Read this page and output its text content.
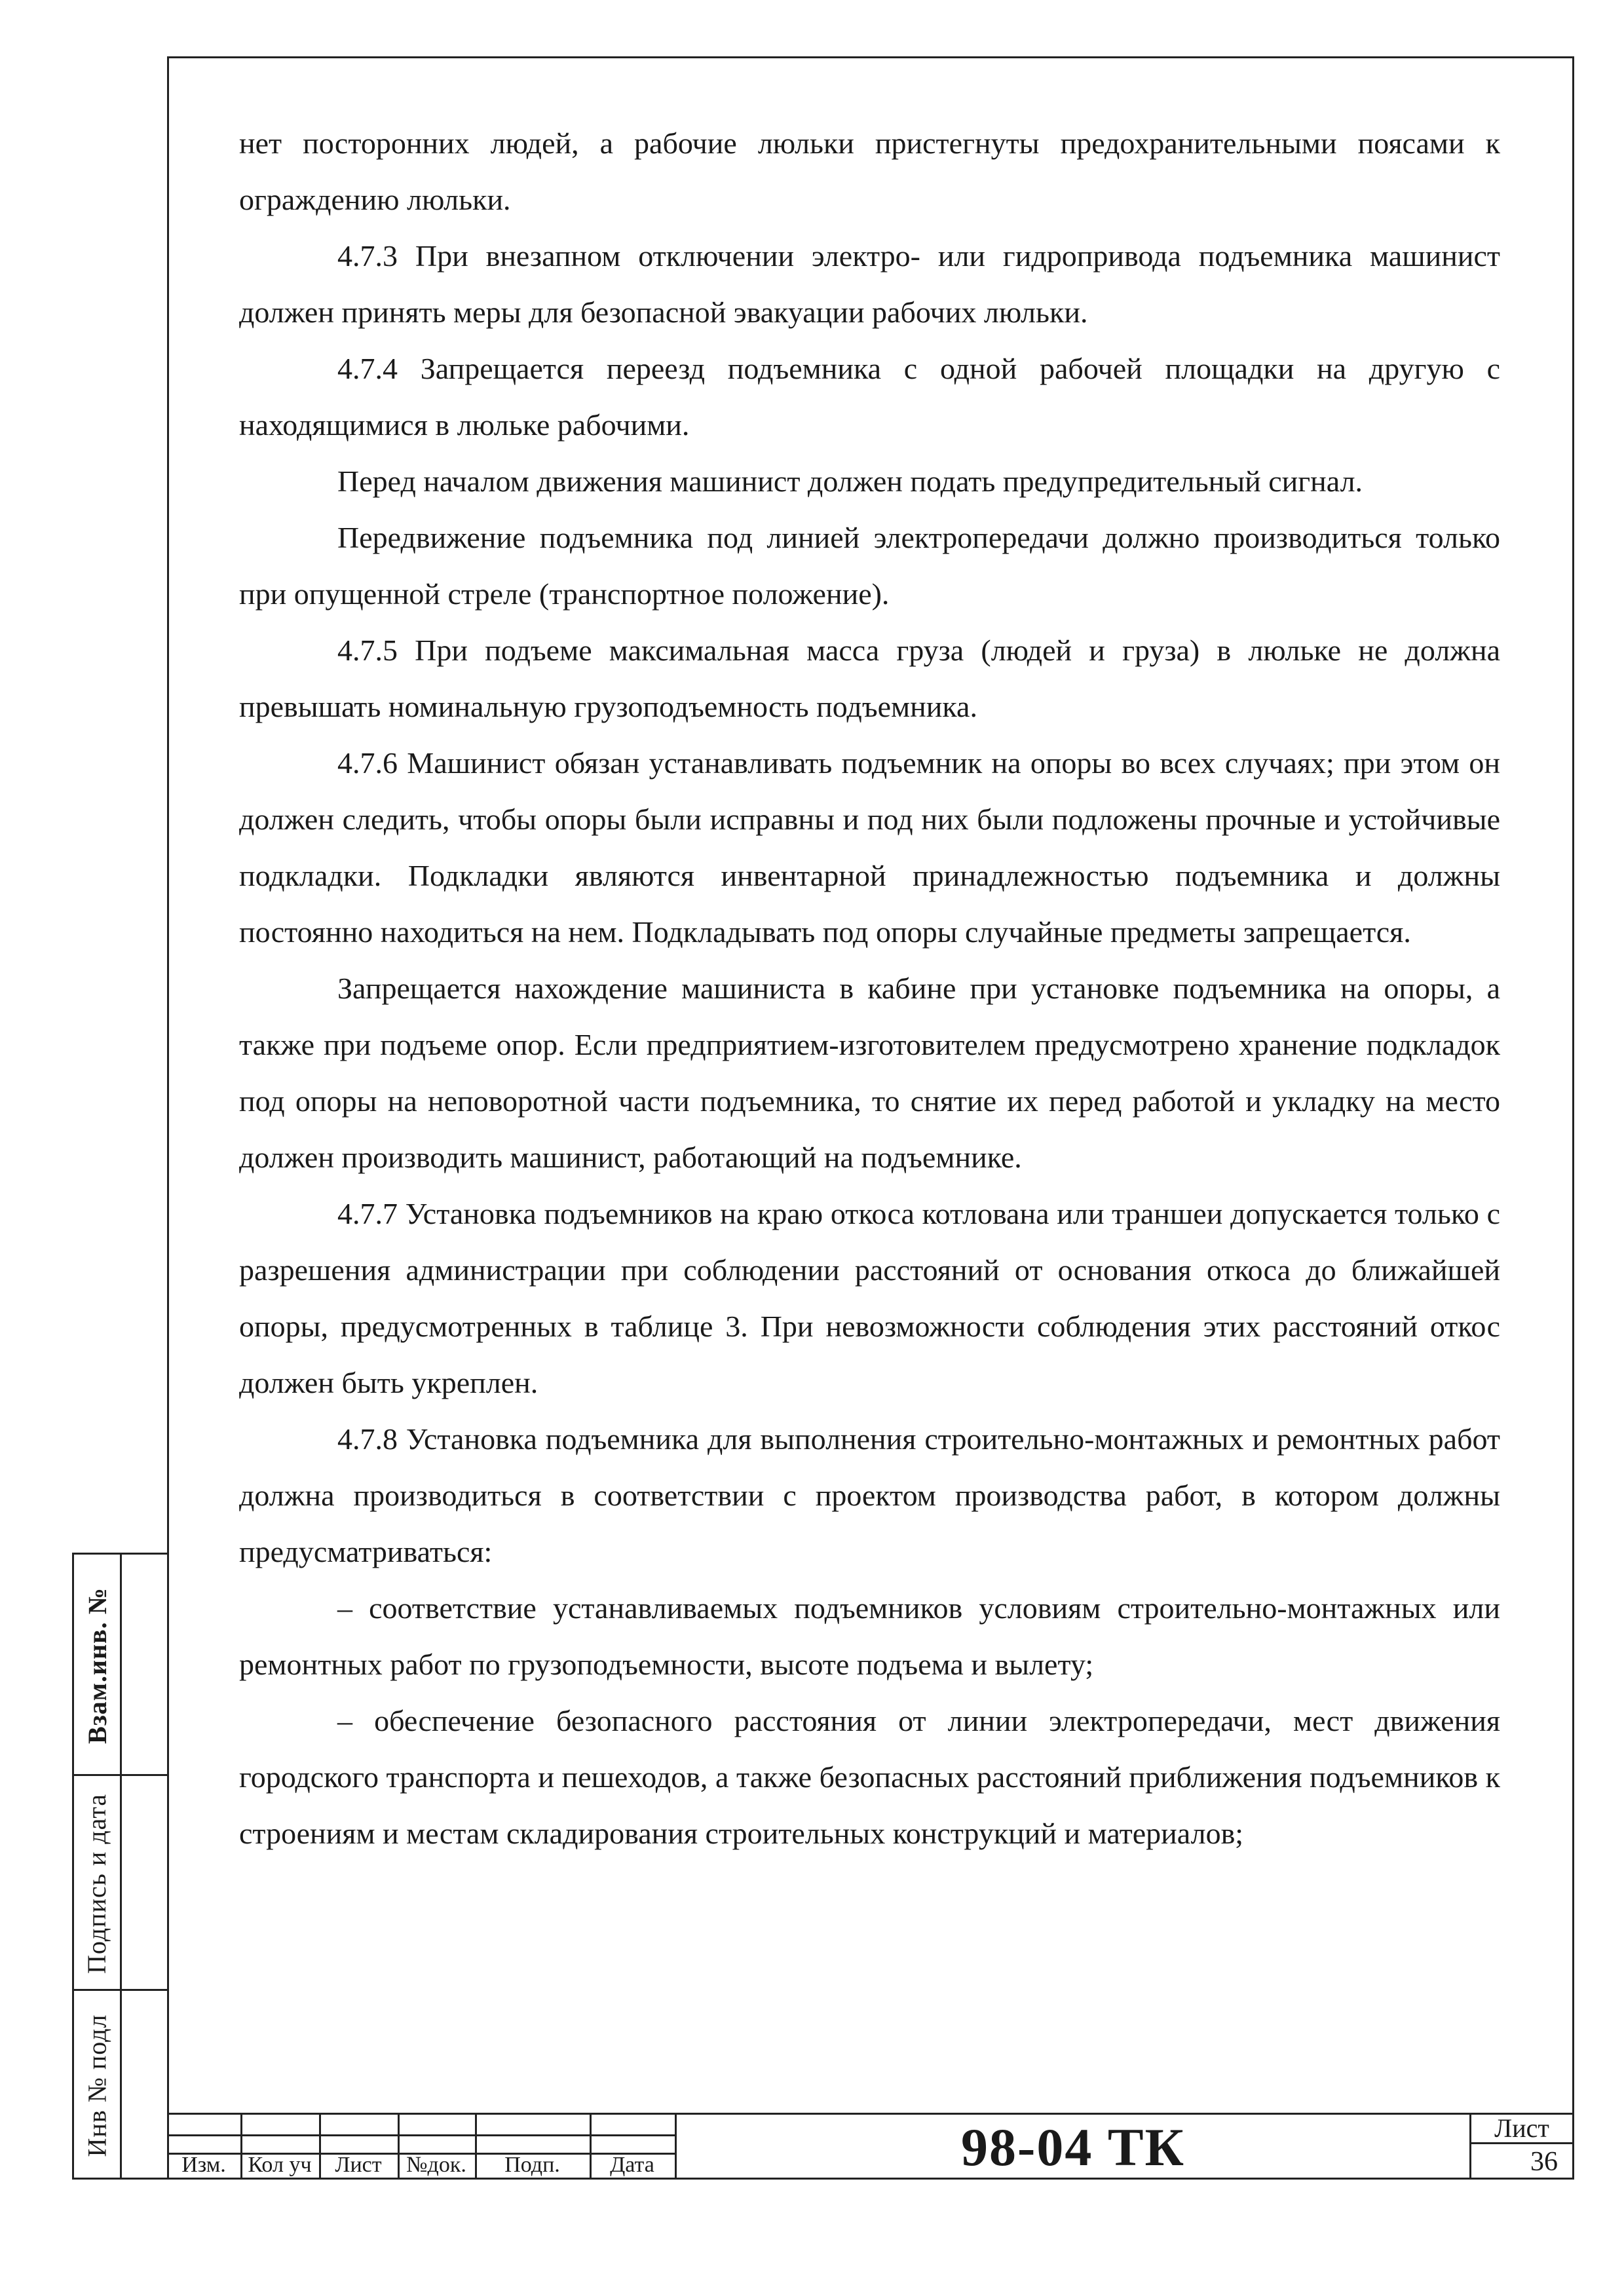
Взам.инв. №
Подпись и дата
Инв № подл

нет посторонних людей, а рабочие люльки пристегнуты предохранительными поясами к ограждению люльки.

4.7.3 При внезапном отключении электро- или гидропривода подъемника машинист должен принять меры для безопасной эвакуации рабочих люльки.

4.7.4 Запрещается переезд подъемника с одной рабочей площадки на другую с находящимися в люльке рабочими.

Перед началом движения машинист должен подать предупредительный сигнал.

Передвижение подъемника под линией электропередачи должно производиться только при опущенной стреле (транспортное положение).

4.7.5 При подъеме максимальная масса груза (людей и груза) в люльке не должна превышать номинальную грузоподъемность подъемника.

4.7.6 Машинист обязан устанавливать подъемник на опоры во всех случаях; при этом он должен следить, чтобы опоры были исправны и под них были подложены прочные и устойчивые подкладки. Подкладки являются инвентарной принадлежностью подъемника и должны постоянно находиться на нем. Подкладывать под опоры случайные предметы запрещается.

Запрещается нахождение машиниста в кабине при установке подъемника на опоры, а также при подъеме опор. Если предприятием-изготовителем предусмотрено хранение подкладок под опоры на неповоротной части подъемника, то снятие их перед работой и укладку на место должен производить машинист, работающий на подъемнике.

4.7.7 Установка подъемников на краю откоса котлована или траншеи допускается только с разрешения администрации при соблюдении расстояний от основания откоса до ближайшей опоры, предусмотренных в таблице 3. При невозможности соблюдения этих расстояний откос должен быть укреплен.

4.7.8 Установка подъемника для выполнения строительно-монтажных и ремонтных работ должна производиться в соответствии с проектом производства работ, в котором должны предусматриваться:

– соответствие устанавливаемых подъемников условиям строительно-монтажных или ремонтных работ по грузоподъемности, высоте подъема и вылету;

– обеспечение безопасного расстояния от линии электропередачи, мест движения городского транспорта и пешеходов, а также безопасных расстояний приближения подъемников к строениям и местам складирования строительных конструкций и материалов;

Изм. Кол уч	Лист	№док.	Подп.	Дата	98-04 ТК	Лист
36
